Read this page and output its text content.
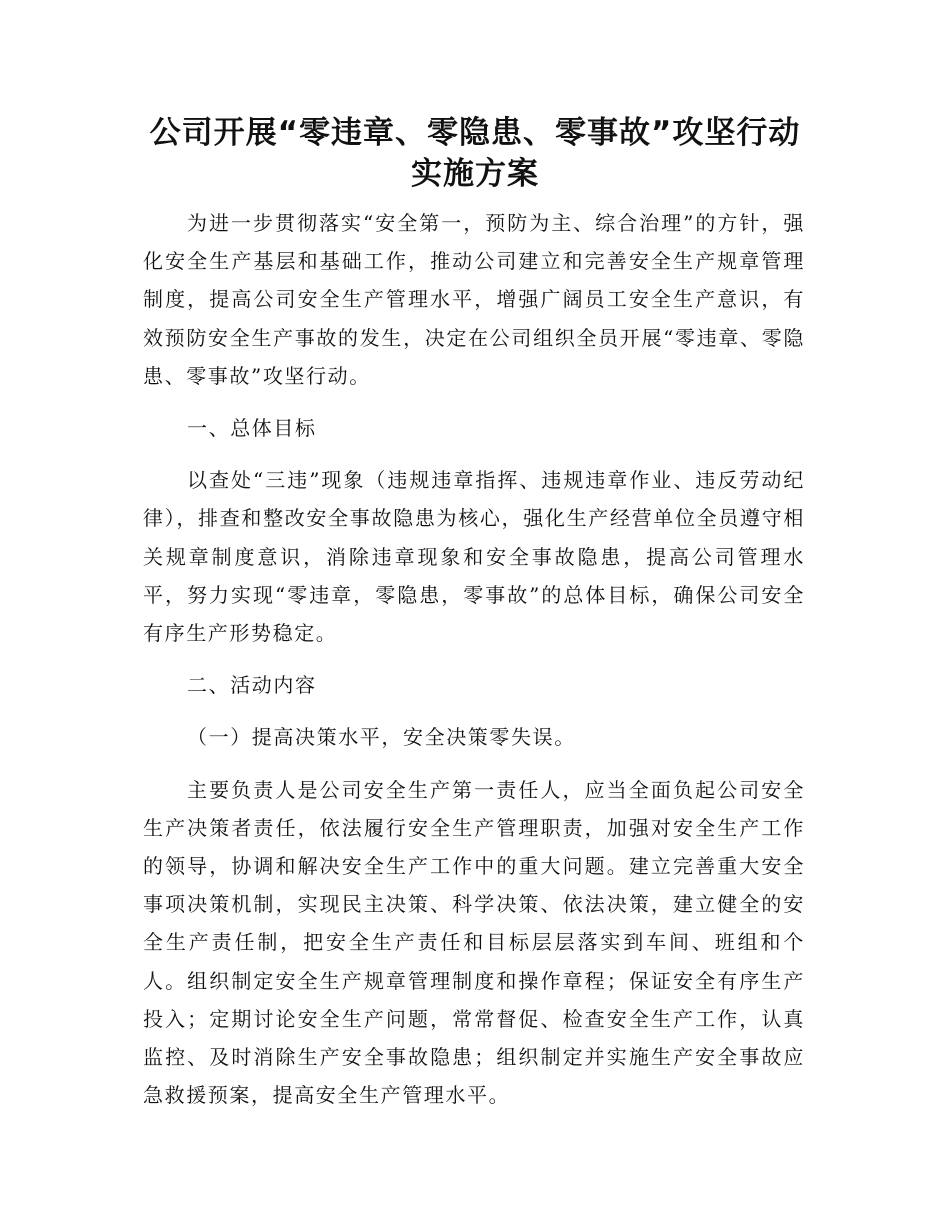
公司开展“零违章、零隐患、零事故”攻坚行动
实施方案

为进一步贯彻落实“安全第一，预防为主、综合治理”的方针，强化安全生产基层和基础工作，推动公司建立和完善安全生产规章管理制度，提高公司安全生产管理水平，增强广阔员工安全生产意识，有效预防安全生产事故的发生，决定在公司组织全员开展“零违章、零隐患、零事故”攻坚行动。

一、总体目标

以查处“三违”现象（违规违章指挥、违规违章作业、违反劳动纪 律），排查和整改安全事故隐患为核心，强化生产经营单位全员遵守相关规章制度意识，消除违章现象和安全事故隐患，提高公司管理水平，努力实现“零违章，零隐患，零事故”的总体目标，确保公司安全有序生产形势稳定。

二、活动内容

（一）提高决策水平，安全决策零失误。

主要负责人是公司安全生产第一责任人，应当全面负起公司安全生产决策者责任，依法履行安全生产管理职责，加强对安全生产工作的领导，协调和解决安全生产工作中的重大问题。建立完善重大安全事项决策机制，实现民主决策、科学决策、依法决策，建立健全的安全生产责任制，把安全生产责任和目标层层落实到车间、班组和个人。组织制定安全生产规章管理制度和操作章程；保证安全有序生产投入；定期讨论安全生产问题，常常督促、检查安全生产工作，认真监控、及时消除生产安全事故隐患；组织制定并实施生产安全事故应急救援预案，提高安全生产管理水平。
